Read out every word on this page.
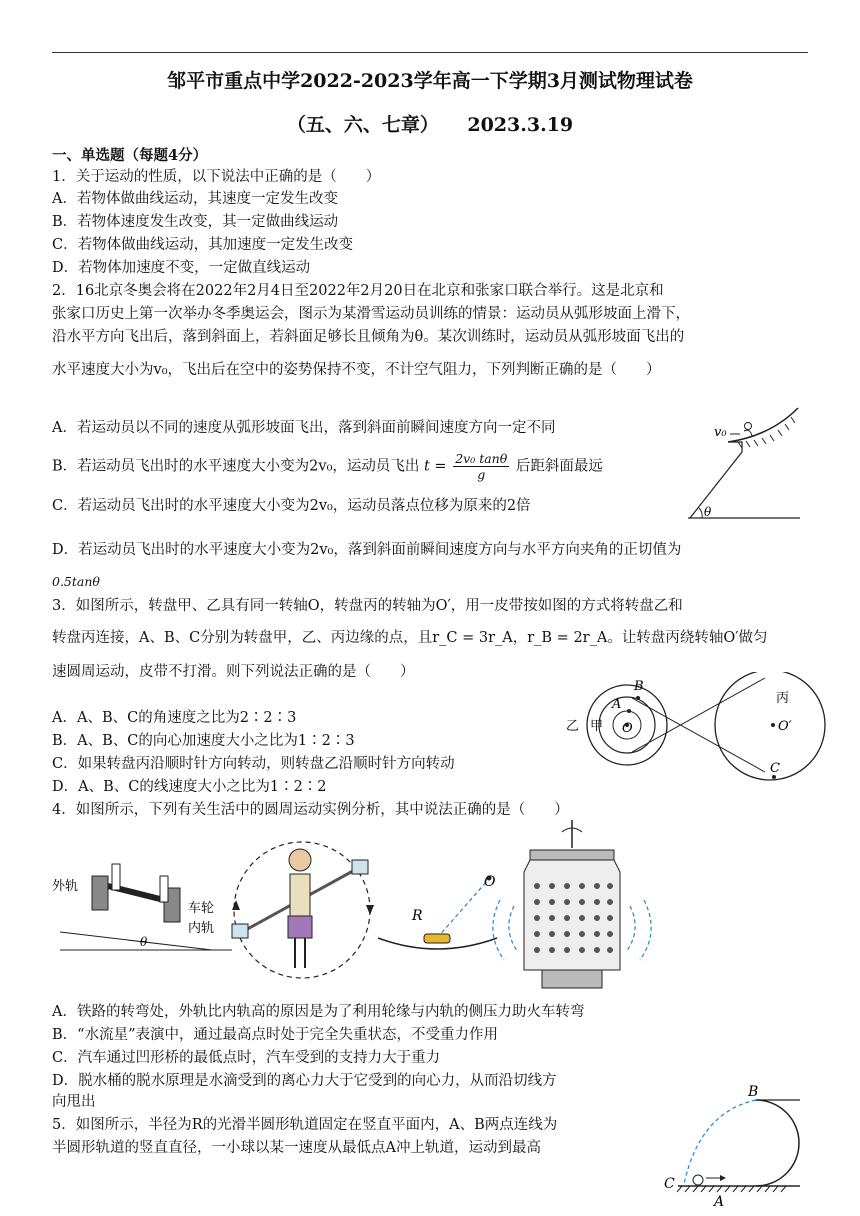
邹平市重点中学2022-2023学年高一下学期3月测试物理试卷
（五、六、七章）　　2023.3.19
一、单选题（每题4分）
1．关于运动的性质，以下说法中正确的是（　　）
A．若物体做曲线运动，其速度一定发生改变
B．若物体速度发生改变，其一定做曲线运动
C．若物体做曲线运动，其加速度一定发生改变
D．若物体加速度不变，一定做直线运动
2．16北京冬奥会将在2022年2月4日至2022年2月20日在北京和张家口联合举行。这是北京和
张家口历史上第一次举办冬季奥运会，图示为某滑雪运动员训练的情景：运动员从弧形坡面上滑下，
沿水平方向飞出后，落到斜面上，若斜面足够长且倾角为θ。某次训练时，运动员从弧形坡面飞出的
水平速度大小为v₀，飞出后在空中的姿势保持不变，不计空气阻力，下列判断正确的是（　　）
A．若运动员以不同的速度从弧形坡面飞出，落到斜面前瞬间速度方向一定不同
B．若运动员飞出时的水平速度大小变为2v₀，运动员飞出 $t = \frac{\text{2v₀ tanθ}}{g}$ 后距斜面最远
C．若运动员飞出时的水平速度大小变为2v₀，运动员落点位移为原来的2倍
D．若运动员飞出时的水平速度大小变为2v₀，落到斜面前瞬间速度方向与水平方向夹角的正切值为
0.5tanθ
v₀
θ
3．如图所示，转盘甲、乙具有同一转轴O，转盘丙的转轴为O′，用一皮带按如图的方式将转盘乙和
转盘丙连接，A、B、C分别为转盘甲，乙、丙边缘的点，且r_C = 3r_A，r_B = 2r_A。让转盘丙绕转轴O′做匀
速圆周运动，皮带不打滑。则下列说法正确的是（　　）
A．A、B、C的角速度之比为2∶2∶3
B．A、B、C的向心加速度大小之比为1∶2∶3
C．如果转盘丙沿顺时针方向转动，则转盘乙沿顺时针方向转动
D．A、B、C的线速度大小之比为1∶2∶2
A
B
C
O	O′
乙 甲
丙
4．如图所示，下列有关生活中的圆周运动实例分析，其中说法正确的是（　　）
外轨
车轮
内轨
θ
O
R
A．铁路的转弯处，外轨比内轨高的原因是为了利用轮缘与内轨的侧压力助火车转弯
B．“水流星”表演中，通过最高点时处于完全失重状态，不受重力作用
C．汽车通过凹形桥的最低点时，汽车受到的支持力大于重力
D．脱水桶的脱水原理是水滴受到的离心力大于它受到的向心力，从而沿切线方
向甩出
5．如图所示，半径为R的光滑半圆形轨道固定在竖直平面内，A、B两点连线为
半圆形轨道的竖直直径，一小球以某一速度从最低点A冲上轨道，运动到最高
B
C
A
